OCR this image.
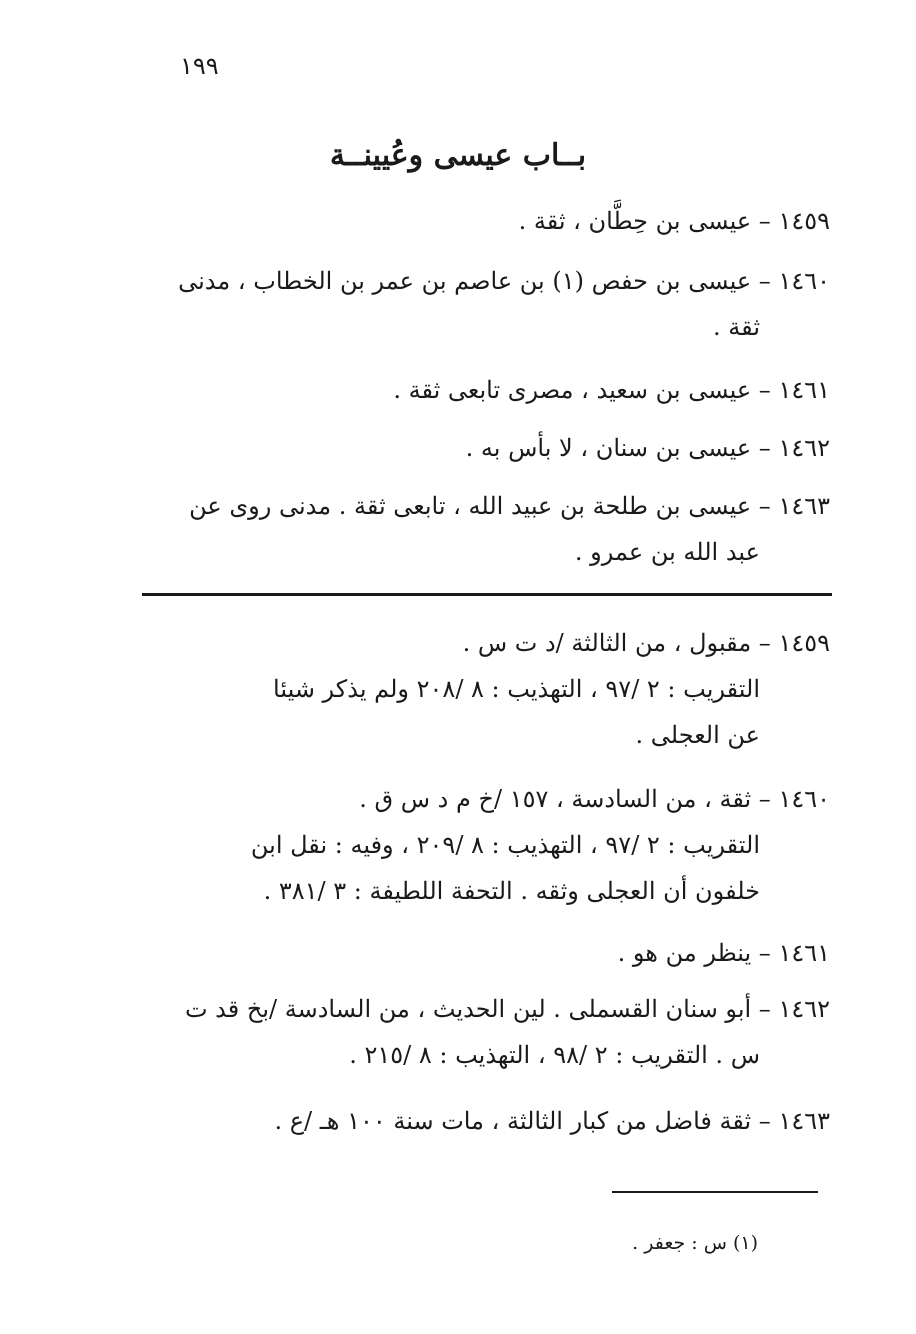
١٩٩
بــاب عيسى وعُيينــة
١٤٥٩ – عيسى بن حِطَّان ، ثقة .
١٤٦٠ – عيسى بن حفص (١) بن عاصم بن عمر بن الخطاب ، مدنى
ثقة .
١٤٦١ – عيسى بن سعيد ، مصرى تابعى ثقة .
١٤٦٢ – عيسى بن سنان ، لا بأس به .
١٤٦٣ – عيسى بن طلحة بن عبيد الله ، تابعى ثقة . مدنى روى عن
عبد الله بن عمرو .
١٤٥٩ – مقبول ، من الثالثة /د ت س .
التقريب : ٢ /٩٧ ، التهذيب : ٨ /٢٠٨ ولم يذكر شيئا
عن العجلى .
١٤٦٠ – ثقة ، من السادسة ، ١٥٧ /خ م د س ق .
التقريب : ٢ /٩٧ ، التهذيب : ٨ /٢٠٩ ، وفيه : نقل ابن
خلفون أن العجلى وثقه . التحفة اللطيفة : ٣ /٣٨١ .
١٤٦١ – ينظر من هو .
١٤٦٢ – أبو سنان القسملى . لين الحديث ، من السادسة /بخ قد ت
س . التقريب : ٢ /٩٨ ، التهذيب : ٨ /٢١٥ .
١٤٦٣ – ثقة فاضل من كبار الثالثة ، مات سنة ١٠٠ هـ /ع .
(١) س : جعفر .
